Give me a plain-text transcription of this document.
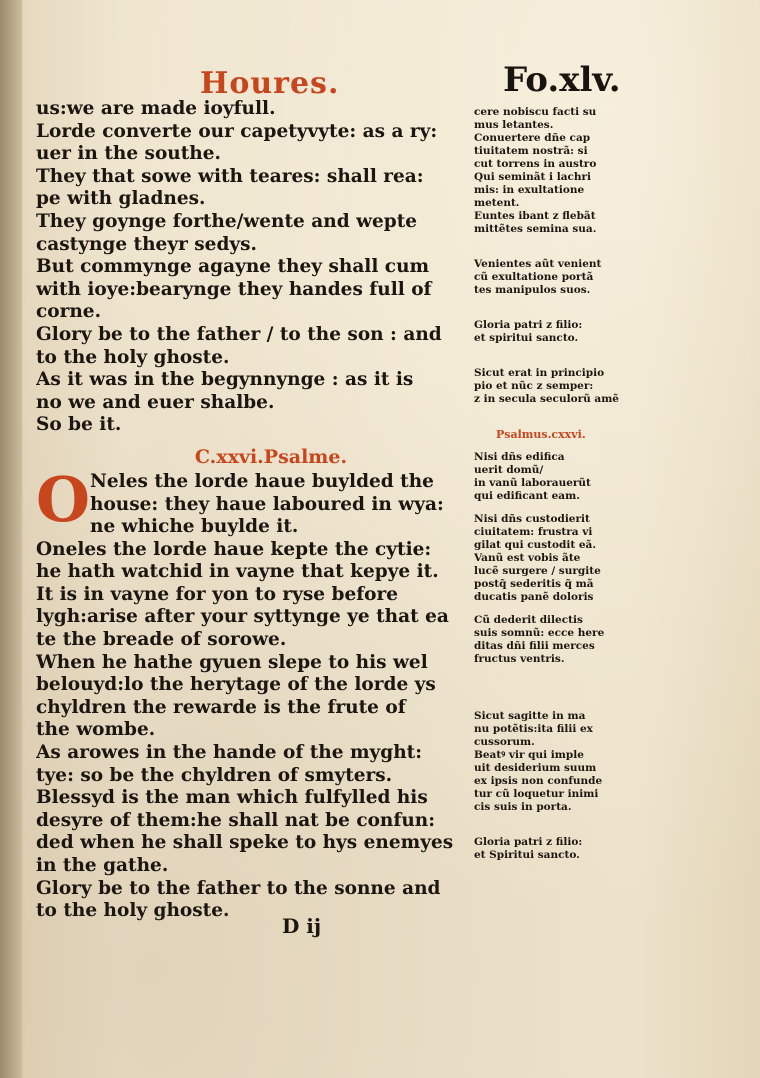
Houres.	Fo.xlv.
us:we are made ioyfull.
Lorde converte our capetyvyte: as a ry:
uer in the southe.
They that sowe with teares: shall rea:
pe with gladnes.
They goynge forthe/wente and wepte
castynge theyr sedys.
But commynge agayne they shall cum
with ioye:bearynge they handes full of
corne.
Glory be to the father / to the son : and
to the holy ghoste.
As it was in the begynnynge : as it is
no we and euer shalbe.
So be it.
C.xxvi.Psalme.
O Neles the lorde haue buylded the
house: they haue laboured in wya:
ne whiche buylde it.
Oneles the lorde haue kepte the cytie:
he hath watchid in vayne that kepye it.
It is in vayne for yon to ryse before
lygh:arise after your syttynge ye that ea
te the breade of sorowe.
When he hathe gyuen slepe to his wel
belouyd:lo the herytage of the lorde ys
chyldren the rewarde is the frute of
the wombe.
As arowes in the hande of the myght:
tye: so be the chyldren of smyters.
Blessyd is the man which fulfylled his
desyre of them:he shall nat be confun:
ded when he shall speke to hys enemyes
in the gathe.
Glory be to the father to the sonne and
to the holy ghoste.
cere nobiscu facti su
mus letantes.
Conuertere dñe cap
tiuitatem nostrã: si
cut torrens in austro
Qui seminãt i lachri
mis: in exultatione
metent.
Euntes ibant z flebãt
mittẽtes semina sua.
Venientes aũt venient
cũ exultatione portã
tes manipulos suos.
Gloria patri z filio:
et spiritui sancto.
Sicut erat in principio
pio et nũc z semper:
z in secula seculorũ amẽ
Psalmus.cxxvi.
Nisi dñs edifica
uerit domũ/
in vanũ laborauerũt
qui edificant eam.
Nisi dñs custodierit
ciuitatem: frustra vi
gilat qui custodit eã.
Vanũ est vobis ãte
lucẽ surgere / surgite
postq̃ sederitis q̃ mã
ducatis panẽ doloris
Cũ dederit dilectis
suis somnũ: ecce here
ditas dñi filii merces
fructus ventris.
Sicut sagitte in ma
nu potẽtis:ita filii ex
cussorum.
Beatꝰ vir qui imple
uit desiderium suum
ex ipsis non confunde
tur cũ loquetur inimi
cis suis in porta.
Gloria patri z filio:
et Spiritui sancto.
D ij
